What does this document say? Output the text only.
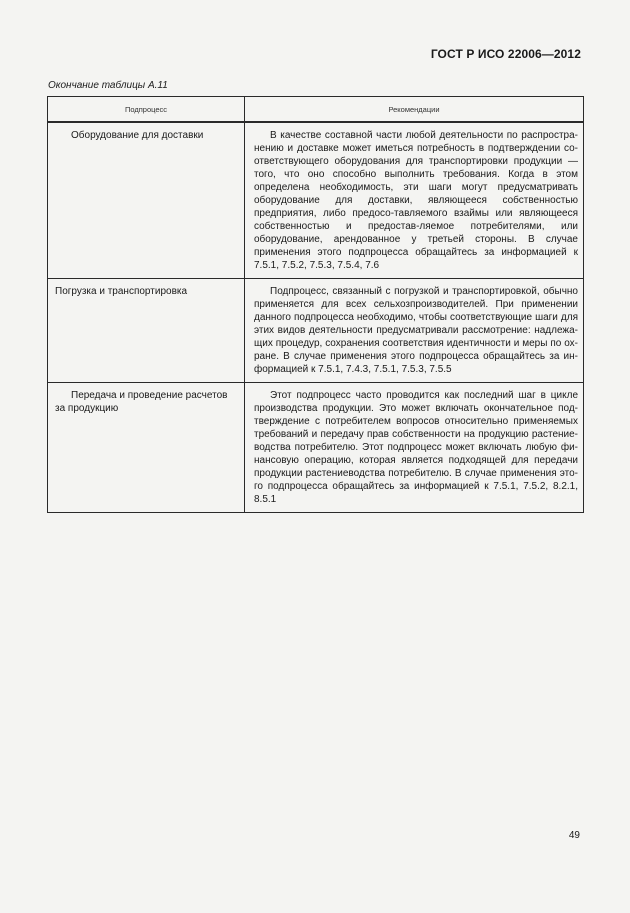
ГОСТ Р ИСО 22006—2012
Окончание таблицы А.11
Подпроцесс	Рекомендации

Оборудование для доставки	В качестве составной части любой деятельности по распростра-нению и доставке может иметься потребность в подтверждении со-ответствующего оборудования для транспортировки продукции — того, что оно способно выполнить требования. Когда в этом определена необходимость, эти шаги могут предусматривать оборудование для доставки, являющееся собственностью предприятия, либо предосо-тавляемого взаймы или являющееся собственностью и предостав-ляемое потребителями, или оборудование, арендованное у третьей стороны. В случае применения этого подпроцесса обращайтесь за информацией к 7.5.1, 7.5.2, 7.5.3, 7.5.4, 7.6

Погрузка и транспортировка	Подпроцесс, связанный с погрузкой и транспортировкой, обычно применяется для всех сельхозпроизводителей. При применении данного подпроцесса необходимо, чтобы соответствующие шаги для этих видов деятельности предусматривали рассмотрение: надлежа-щих процедур, сохранения соответствия идентичности и меры по ох-ране. В случае применения этого подпроцесса обращайтесь за ин-формацией к 7.5.1, 7.4.3, 7.5.1, 7.5.3, 7.5.5

Передача и проведение расчетов за продукцию	Этот подпроцесс часто проводится как последний шаг в цикле производства продукции. Это может включать окончательное под-тверждение с потребителем вопросов относительно применяемых требований и передачу прав собственности на продукцию растение-водства потребителю. Этот подпроцесс может включать любую фи-нансовую операцию, которая является подходящей для передачи продукции растениеводства потребителю. В случае применения это-го подпроцесса обращайтесь за информацией к 7.5.1, 7.5.2, 8.2.1, 8.5.1
49
